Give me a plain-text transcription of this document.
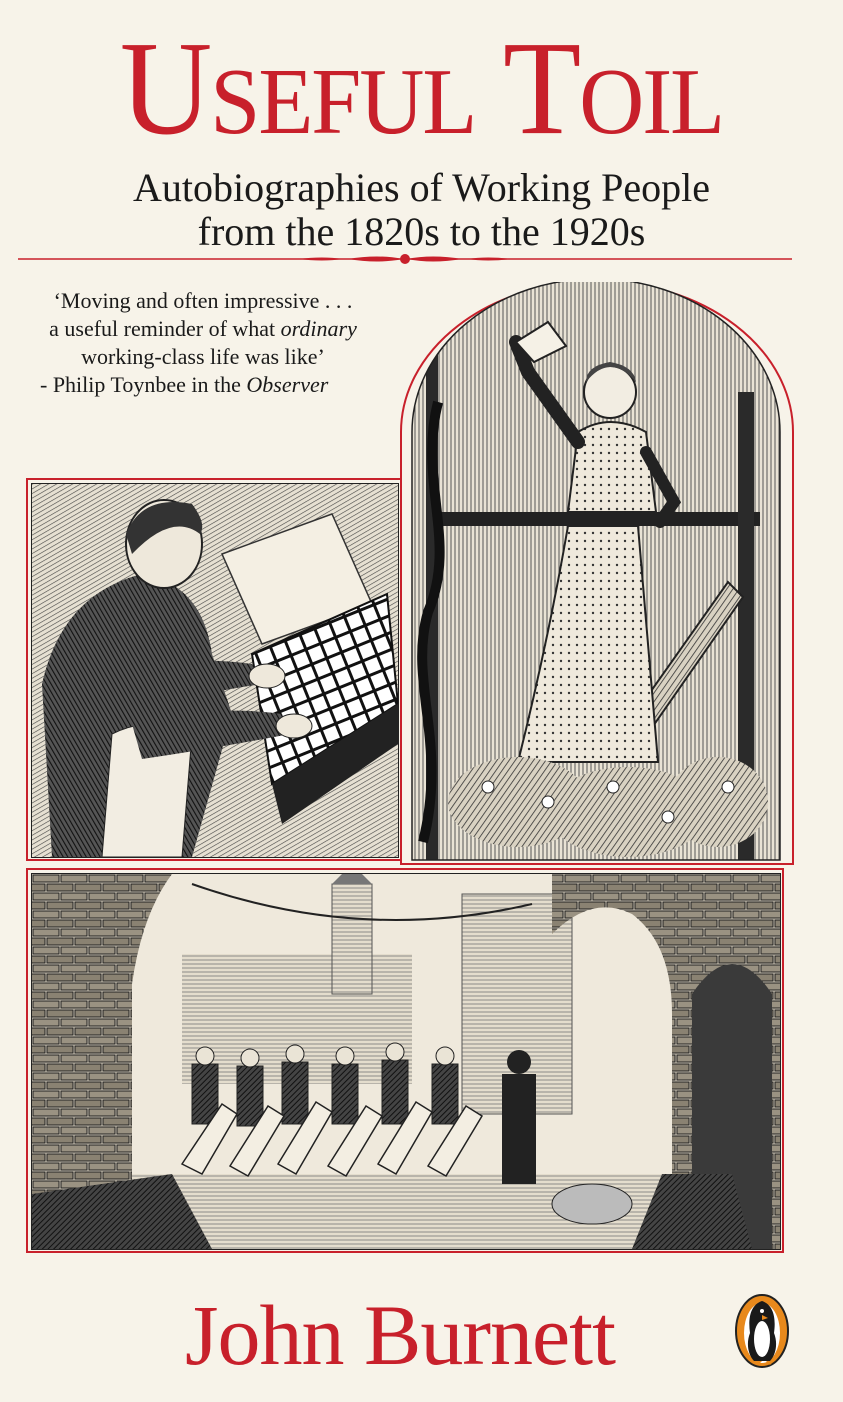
Useful Toil
Autobiographies of Working People
from the 1820s to the 1920s
‘Moving and often impressive . . .
a useful reminder of what ordinary
working-class life was like’
- Philip Toynbee in the Observer
John Burnett
